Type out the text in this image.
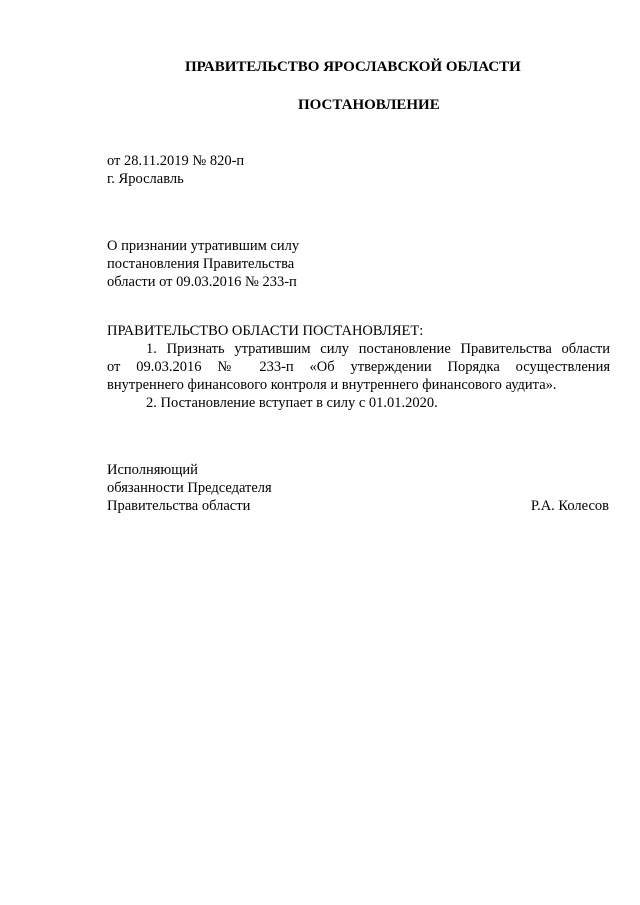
ПРАВИТЕЛЬСТВО ЯРОСЛАВСКОЙ ОБЛАСТИ
ПОСТАНОВЛЕНИЕ
от 28.11.2019 № 820-п
г. Ярославль
О признании утратившим силу
постановления Правительства
области от 09.03.2016 № 233-п
ПРАВИТЕЛЬСТВО ОБЛАСТИ ПОСТАНОВЛЯЕТ:
1. Признать утратившим силу постановление Правительства области
от 09.03.2016 № 233-п «Об утверждении Порядка осуществления
внутреннего финансового контроля и внутреннего финансового аудита».
2. Постановление вступает в силу с 01.01.2020.
Исполняющий
обязанности Председателя
Правительства области	Р.А. Колесов
